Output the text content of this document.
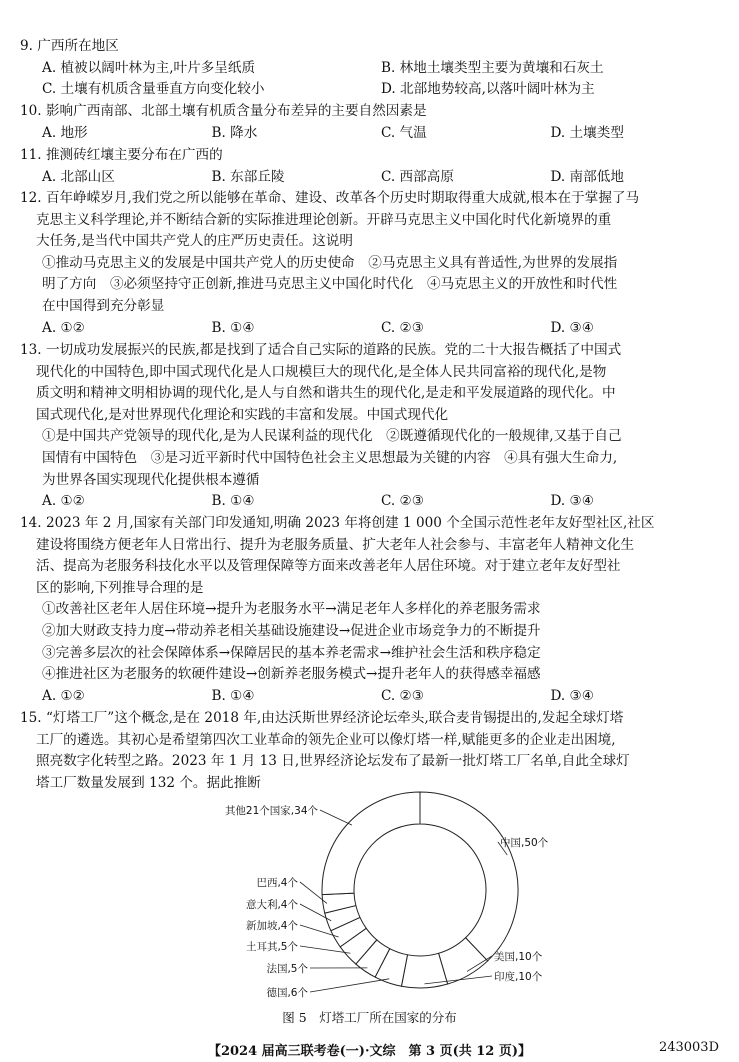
9. 广西所在地区

A. 植被以阔叶林为主,叶片多呈纸质	B. 林地土壤类型主要为黄壤和石灰土
C. 土壤有机质含量垂直方向变化较小	D. 北部地势较高,以落叶阔叶林为主

10. 影响广西南部、北部土壤有机质含量分布差异的主要自然因素是

A. 地形	B. 降水	C. 气温	D. 土壤类型

11. 推测砖红壤主要分布在广西的

A. 北部山区	B. 东部丘陵	C. 西部高原	D. 南部低地

12. 百年峥嵘岁月,我们党之所以能够在革命、建设、改革各个历史时期取得重大成就,根本在于掌握了马

克思主义科学理论,并不断结合新的实际推进理论创新。开辟马克思主义中国化时代化新境界的重

大任务,是当代中国共产党人的庄严历史责任。这说明

①推动马克思主义的发展是中国共产党人的历史使命　②马克思主义具有普适性,为世界的发展指
明了方向　③必须坚持守正创新,推进马克思主义中国化时代化　④马克思主义的开放性和时代性
在中国得到充分彰显
A. ①②	B. ①④	C. ②③	D. ③④

13. 一切成功发展振兴的民族,都是找到了适合自己实际的道路的民族。党的二十大报告概括了中国式

现代化的中国特色,即中国式现代化是人口规模巨大的现代化,是全体人民共同富裕的现代化,是物

质文明和精神文明相协调的现代化,是人与自然和谐共生的现代化,是走和平发展道路的现代化。中

国式现代化,是对世界现代化理论和实践的丰富和发展。中国式现代化

①是中国共产党领导的现代化,是为人民谋利益的现代化　②既遵循现代化的一般规律,又基于自己
国情有中国特色　③是习近平新时代中国特色社会主义思想最为关键的内容　④具有强大生命力,
为世界各国实现现代化提供根本遵循
A. ①②	B. ①④	C. ②③	D. ③④

14. 2023 年 2 月,国家有关部门印发通知,明确 2023 年将创建 1 000 个全国示范性老年友好型社区,社区

建设将围绕方便老年人日常出行、提升为老服务质量、扩大老年人社会参与、丰富老年人精神文化生

活、提高为老服务科技化水平以及管理保障等方面来改善老年人居住环境。对于建立老年友好型社

区的影响,下列推导合理的是

①改善社区老年人居住环境→提升为老服务水平→满足老年人多样化的养老服务需求
②加大财政支持力度→带动养老相关基础设施建设→促进企业市场竞争力的不断提升
③完善多层次的社会保障体系→保障居民的基本养老需求→维护社会生活和秩序稳定
④推进社区为老服务的软硬件建设→创新养老服务模式→提升老年人的获得感幸福感
A. ①②	B. ①④	C. ②③	D. ③④

15. “灯塔工厂”这个概念,是在 2018 年,由达沃斯世界经济论坛牵头,联合麦肯锡提出的,发起全球灯塔

工厂的遴选。其初心是希望第四次工业革命的领先企业可以像灯塔一样,赋能更多的企业走出困境,

照亮数字化转型之路。2023 年 1 月 13 日,世界经济论坛发布了最新一批灯塔工厂名单,自此全球灯

塔工厂数量发展到 132 个。据此推断

中国,50个
美国,10个
印度,10个
德国,6个
法国,5个
土耳其,5个
新加坡,4个
意大利,4个
巴西,4个
其他21个国家,34个
图 5　灯塔工厂所在国家的分布
【2024 届高三联考卷(一)·文综　第 3 页(共 12 页)】	243003D
